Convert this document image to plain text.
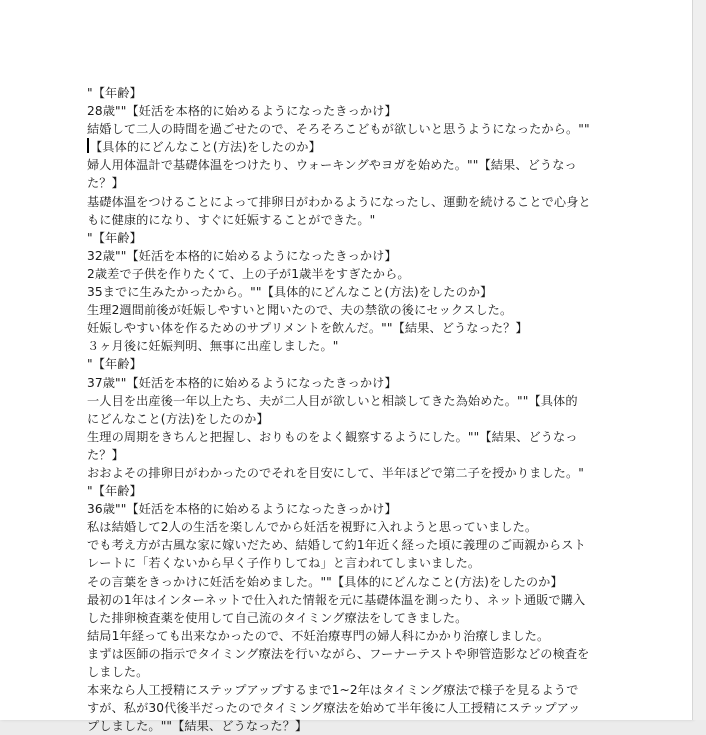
"【年齢】
28歳""【妊活を本格的に始めるようになったきっかけ】
結婚して二人の時間を過ごせたので、そろそろこどもが欲しいと思うようになったから。""
【具体的にどんなこと(方法)をしたのか】
婦人用体温計で基礎体温をつけたり、ウォーキングやヨガを始めた。""【結果、どうなっ
た？】
基礎体温をつけることによって排卵日がわかるようになったし、運動を続けることで心身と
もに健康的になり、すぐに妊娠することができた。"
"【年齢】
32歳""【妊活を本格的に始めるようになったきっかけ】
2歳差で子供を作りたくて、上の子が1歳半をすぎたから。
35までに生みたかったから。""【具体的にどんなこと(方法)をしたのか】
生理2週間前後が妊娠しやすいと聞いたので、夫の禁欲の後にセックスした。
妊娠しやすい体を作るためのサプリメントを飲んだ。""【結果、どうなった？】
３ヶ月後に妊娠判明、無事に出産しました。"
"【年齢】
37歳""【妊活を本格的に始めるようになったきっかけ】
一人目を出産後一年以上たち、夫が二人目が欲しいと相談してきた為始めた。""【具体的
にどんなこと(方法)をしたのか】
生理の周期をきちんと把握し、おりものをよく観察するようにした。""【結果、どうなっ
た？】
おおよその排卵日がわかったのでそれを目安にして、半年ほどで第二子を授かりました。"
"【年齢】
36歳""【妊活を本格的に始めるようになったきっかけ】
私は結婚して2人の生活を楽しんでから妊活を視野に入れようと思っていました。
でも考え方が古風な家に嫁いだため、結婚して約1年近く経った頃に義理のご両親からスト
レートに「若くないから早く子作りしてね」と言われてしまいました。
その言葉をきっかけに妊活を始めました。""【具体的にどんなこと(方法)をしたのか】
最初の1年はインターネットで仕入れた情報を元に基礎体温を測ったり、ネット通販で購入
した排卵検査薬を使用して自己流のタイミング療法をしてきました。
結局1年経っても出来なかったので、不妊治療専門の婦人科にかかり治療しました。
まずは医師の指示でタイミング療法を行いながら、フーナーテストや卵管造影などの検査を
しました。
本来なら人工授精にステップアップするまで1~2年はタイミング療法で様子を見るようで
すが、私が30代後半だったのでタイミング療法を始めて半年後に人工授精にステップアッ
プしました。""【結果、どうなった？】
